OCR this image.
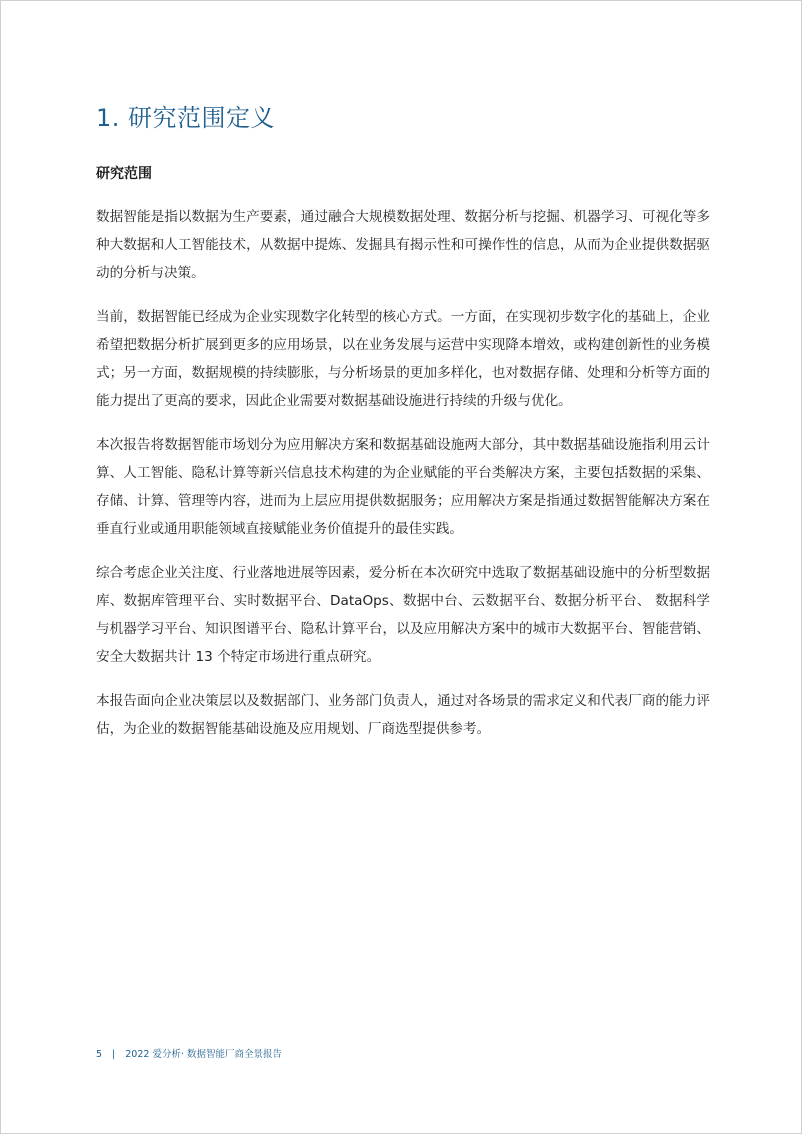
1. 研究范围定义
研究范围

数据智能是指以数据为生产要素，通过融合大规模数据处理、数据分析与挖掘、机器学习、可视化等多种大数据和人工智能技术，从数据中提炼、发掘具有揭示性和可操作性的信息，从而为企业提供数据驱动的分析与决策。

当前，数据智能已经成为企业实现数字化转型的核心方式。一方面，在实现初步数字化的基础上，企业希望把数据分析扩展到更多的应用场景，以在业务发展与运营中实现降本增效，或构建创新性的业务模式；另一方面，数据规模的持续膨胀，与分析场景的更加多样化，也对数据存储、处理和分析等方面的能力提出了更高的要求，因此企业需要对数据基础设施进行持续的升级与优化。

本次报告将数据智能市场划分为应用解决方案和数据基础设施两大部分，其中数据基础设施指利用云计算、人工智能、隐私计算等新兴信息技术构建的为企业赋能的平台类解决方案，主要包括数据的采集、存储、计算、管理等内容，进而为上层应用提供数据服务；应用解决方案是指通过数据智能解决方案在垂直行业或通用职能领域直接赋能业务价值提升的最佳实践。

综合考虑企业关注度、行业落地进展等因素，爱分析在本次研究中选取了数据基础设施中的分析型数据库、数据库管理平台、实时数据平台、DataOps、数据中台、云数据平台、数据分析平台、 数据科学与机器学习平台、知识图谱平台、隐私计算平台，以及应用解决方案中的城市大数据平台、智能营销、安全大数据共计 13 个特定市场进行重点研究。

本报告面向企业决策层以及数据部门、业务部门负责人，通过对各场景的需求定义和代表厂商的能力评估，为企业的数据智能基础设施及应用规划、厂商选型提供参考。

5 | 2022 爱分析· 数据智能厂商全景报告
